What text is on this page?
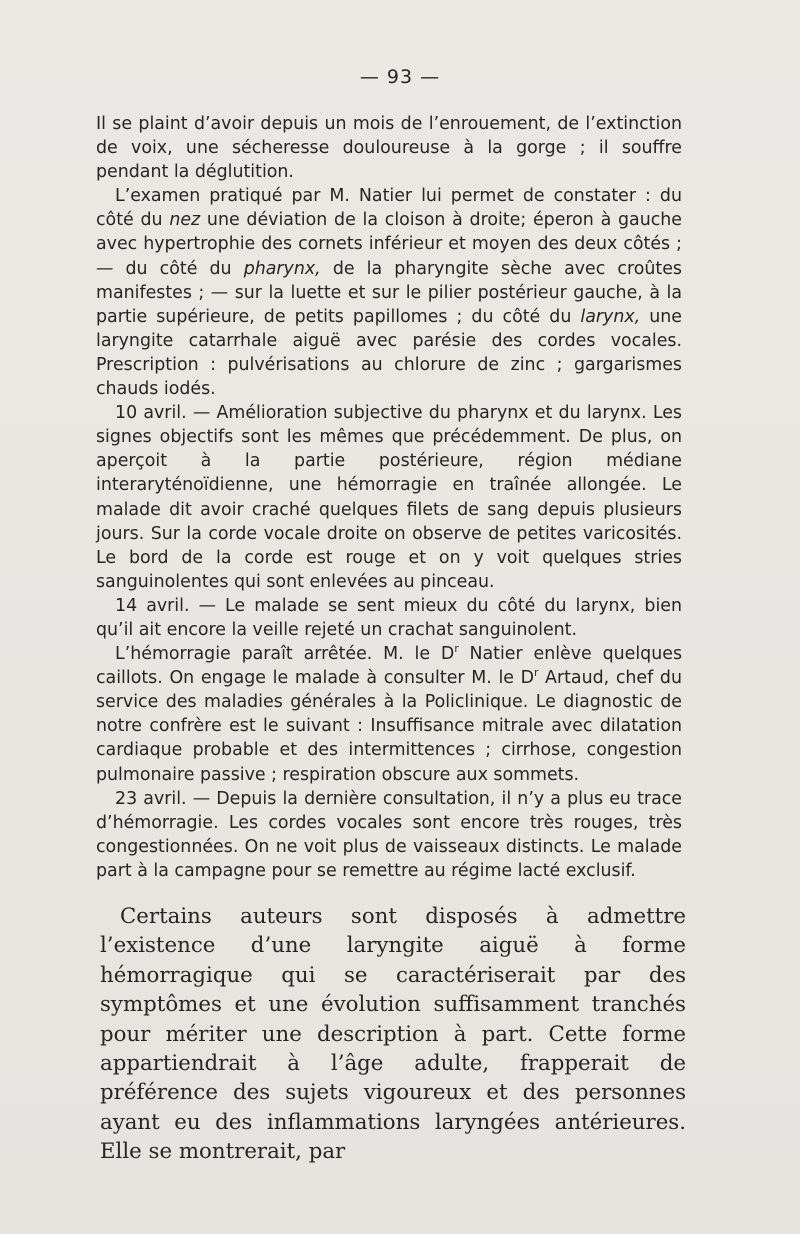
— 93 —

Il se plaint d’avoir depuis un mois de l’enrouement, de l’extinction de voix, une sécheresse douloureuse à la gorge ; il souffre pendant la déglutition.

L’examen pratiqué par M. Natier lui permet de constater : du côté du nez une déviation de la cloison à droite; éperon à gauche avec hypertrophie des cornets inférieur et moyen des deux côtés ; — du côté du pharynx, de la pharyngite sèche avec croûtes manifestes ; — sur la luette et sur le pilier postérieur gauche, à la partie supérieure, de petits papillomes ; du côté du larynx, une laryngite catarrhale aiguë avec parésie des cordes vocales. Prescription : pulvérisations au chlorure de zinc ; gargarismes chauds iodés.

10 avril. — Amélioration subjective du pharynx et du larynx. Les signes objectifs sont les mêmes que précédemment. De plus, on aperçoit à la partie postérieure, région médiane interaryténoïdienne, une hémorragie en traînée allongée. Le malade dit avoir craché quelques filets de sang depuis plusieurs jours. Sur la corde vocale droite on observe de petites varicosités. Le bord de la corde est rouge et on y voit quelques stries sanguinolentes qui sont enlevées au pinceau.

14 avril. — Le malade se sent mieux du côté du larynx, bien qu’il ait encore la veille rejeté un crachat sanguinolent.

L’hémorragie paraît arrêtée. M. le $D^r$ Natier enlève quelques caillots. On engage le malade à consulter M. le $D^r$ Artaud, chef du service des maladies générales à la Policlinique. Le diagnostic de notre confrère est le suivant : Insuffisance mitrale avec dilatation cardiaque probable et des intermittences ; cirrhose, congestion pulmonaire passive ; respiration obscure aux sommets.

23 avril. — Depuis la dernière consultation, il n’y a plus eu trace d’hémorragie. Les cordes vocales sont encore très rouges, très congestionnées. On ne voit plus de vaisseaux distincts. Le malade part à la campagne pour se remettre au régime lacté exclusif.

Certains auteurs sont disposés à admettre l’existence d’une laryngite aiguë à forme hémorragique qui se caractériserait par des symptômes et une évolution suffisamment tranchés pour mériter une description à part. Cette forme appartiendrait à l’âge adulte, frapperait de préférence des sujets vigoureux et des personnes ayant eu des inflammations laryngées antérieures. Elle se montrerait, par
